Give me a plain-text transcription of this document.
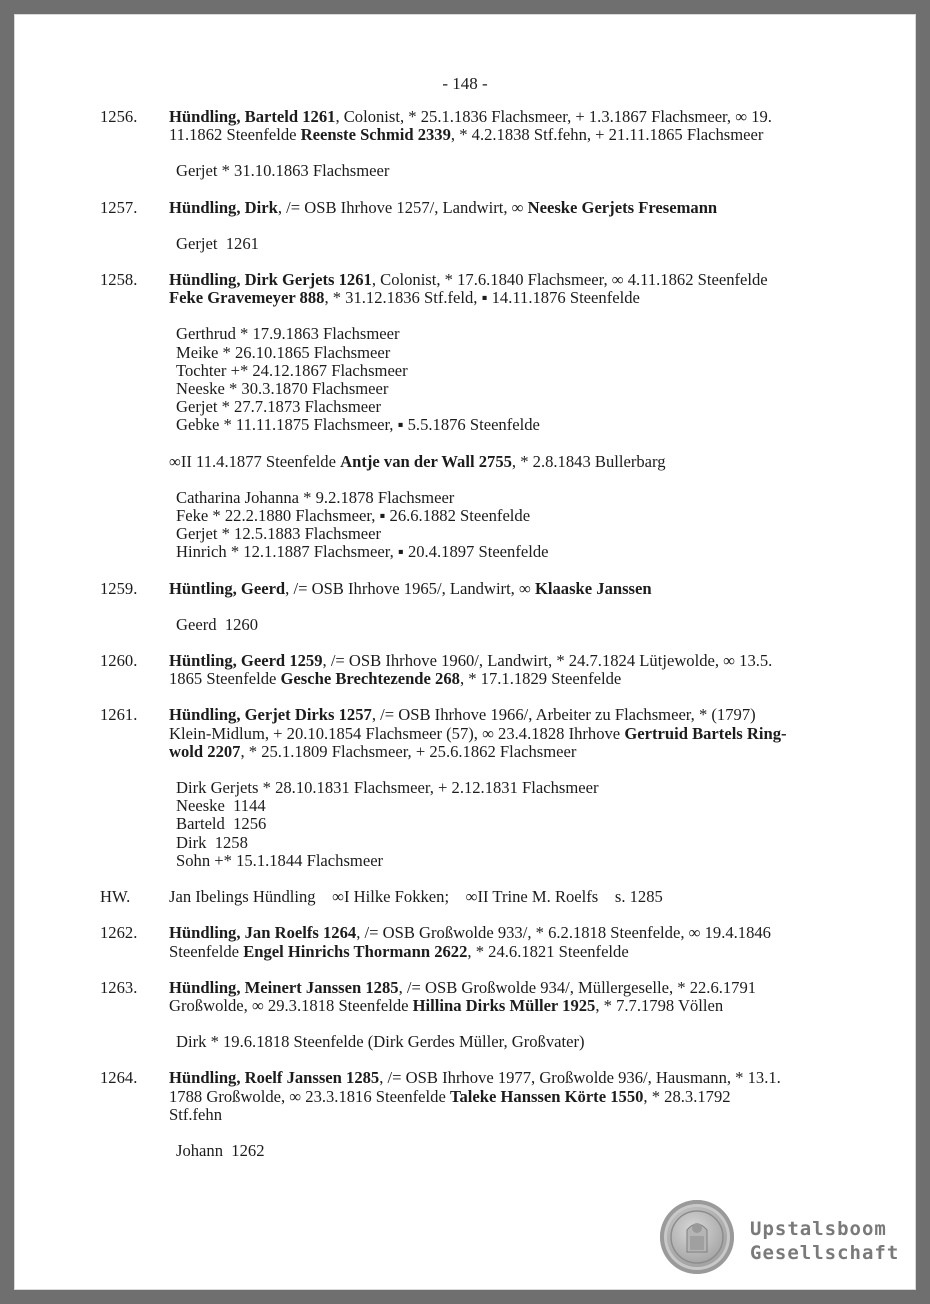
- 148 -
1256. Hündling, Barteld 1261, Colonist, * 25.1.1836 Flachsmeer, + 1.3.1867 Flachsmeer, ∞ 19.
11.1862 Steenfelde Reenste Schmid 2339, * 4.2.1838 Stf.fehn, + 21.11.1865 Flachsmeer
Gerjet * 31.10.1863 Flachsmeer
1257. Hündling, Dirk, /= OSB Ihrhove 1257/, Landwirt, ∞ Neeske Gerjets Fresemann
Gerjet  1261
1258. Hündling, Dirk Gerjets 1261, Colonist, * 17.6.1840 Flachsmeer, ∞ 4.11.1862 Steenfelde
Feke Gravemeyer 888, * 31.12.1836 Stf.feld, ▪ 14.11.1876 Steenfelde
Gerthrud * 17.9.1863 Flachsmeer
Meike * 26.10.1865 Flachsmeer
Tochter +* 24.12.1867 Flachsmeer
Neeske * 30.3.1870 Flachsmeer
Gerjet * 27.7.1873 Flachsmeer
Gebke * 11.11.1875 Flachsmeer, ▪ 5.5.1876 Steenfelde
∞II 11.4.1877 Steenfelde Antje van der Wall 2755, * 2.8.1843 Bullerbarg
Catharina Johanna * 9.2.1878 Flachsmeer
Feke * 22.2.1880 Flachsmeer, ▪ 26.6.1882 Steenfelde
Gerjet * 12.5.1883 Flachsmeer
Hinrich * 12.1.1887 Flachsmeer, ▪ 20.4.1897 Steenfelde
1259. Hüntling, Geerd, /= OSB Ihrhove 1965/, Landwirt, ∞ Klaaske Janssen
Geerd  1260
1260. Hüntling, Geerd 1259, /= OSB Ihrhove 1960/, Landwirt, * 24.7.1824 Lütjewolde, ∞ 13.5.
1865 Steenfelde Gesche Brechtezende 268, * 17.1.1829 Steenfelde
1261. Hündling, Gerjet Dirks 1257, /= OSB Ihrhove 1966/, Arbeiter zu Flachsmeer, * (1797)
Klein-Midlum, + 20.10.1854 Flachsmeer (57), ∞ 23.4.1828 Ihrhove Gertruid Bartels Ring-
wold 2207, * 25.1.1809 Flachsmeer, + 25.6.1862 Flachsmeer
Dirk Gerjets * 28.10.1831 Flachsmeer, + 2.12.1831 Flachsmeer
Neeske  1144
Barteld  1256
Dirk  1258
Sohn +* 15.1.1844 Flachsmeer
HW. Jan Ibelings Hündling    ∞I Hilke Fokken;    ∞II Trine M. Roelfs    s. 1285
1262. Hündling, Jan Roelfs 1264, /= OSB Großwolde 933/, * 6.2.1818 Steenfelde, ∞ 19.4.1846
Steenfelde Engel Hinrichs Thormann 2622, * 24.6.1821 Steenfelde
1263. Hündling, Meinert Janssen 1285, /= OSB Großwolde 934/, Müllergeselle, * 22.6.1791
Großwolde, ∞ 29.3.1818 Steenfelde Hillina Dirks Müller 1925, * 7.7.1798 Völlen
Dirk * 19.6.1818 Steenfelde (Dirk Gerdes Müller, Großvater)
1264. Hündling, Roelf Janssen 1285, /= OSB Ihrhove 1977, Großwolde 936/, Hausmann, * 13.1.
1788 Großwolde, ∞ 23.3.1816 Steenfelde Taleke Hanssen Körte 1550, * 28.3.1792
Stf.fehn
Johann  1262
Upstalsboom
Gesellschaft
